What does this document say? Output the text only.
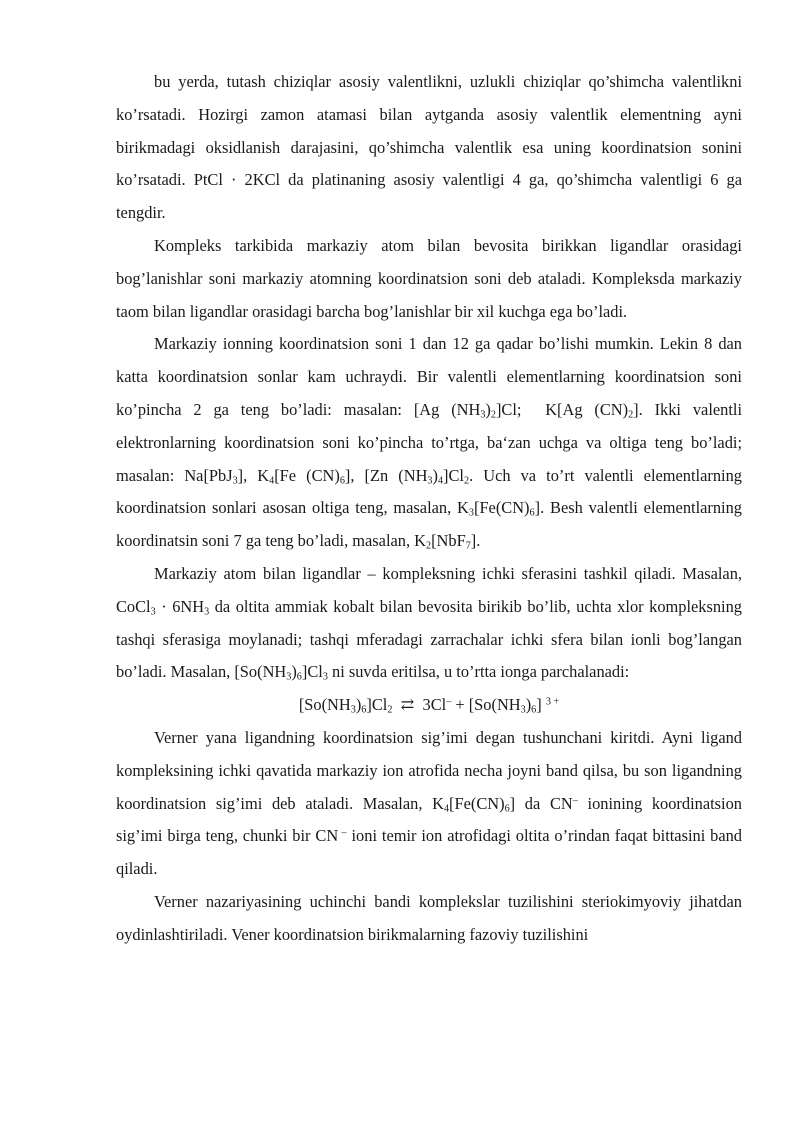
bu yerda, tutash chiziqlar asosiy valentlikni, uzlukli chiziqlar qo’shimcha valentlikni ko’rsatadi. Hozirgi zamon atamasi bilan aytganda asosiy valentlik elementning ayni birikmadagi oksidlanish darajasini, qo’shimcha valentlik esa uning koordinatsion sonini ko’rsatadi. PtCl · 2KCl da platinaning asosiy valentligi 4 ga, qo’shimcha valentligi 6 ga tengdir.

Kompleks tarkibida markaziy atom bilan bevosita birikkan ligandlar orasidagi bog’lanishlar soni markaziy atomning koordinatsion soni deb ataladi. Kompleksda markaziy taom bilan ligandlar orasidagi barcha bog’lanishlar bir xil kuchga ega bo’ladi.

Markaziy ionning koordinatsion soni 1 dan 12 ga qadar bo’lishi mumkin. Lekin 8 dan katta koordinatsion sonlar kam uchraydi. Bir valentli elementlarning koordinatsion soni ko’pincha 2 ga teng bo’ladi: masalan: [Ag $(NH_3)_2]Cl$;  K[Ag $(CN)_2$]. Ikki valentli elektronlarning koordinatsion soni ko’pincha to’rtga, ba‘zan uchga va oltiga teng bo’ladi; masalan: Na[PbJ$_3$], $K_4[Fe$ $(CN)_6$], [Zn $(NH_3)_4]Cl_2$. Uch va to’rt valentli elementlarning koordinatsion sonlari asosan oltiga teng, masalan, $K_3[Fe(CN)_6]$. Besh valentli elementlarning koordinatsin soni 7 ga teng bo’ladi, masalan, $K_2[NbF_7]$.

Markaziy atom bilan ligandlar – kompleksning ichki sferasini tashkil qiladi. Masalan, CoCl$_3$ · $6NH_3$ da oltita ammiak kobalt bilan bevosita birikib bo’lib, uchta xlor kompleksning tashqi sferasiga moylanadi; tashqi mferadagi zarrachalar ichki sfera bilan ionli bog’langan bo’ladi. Masalan, $[So(NH_3)_6]Cl_3$ ni suvda eritilsa, u to’rtta ionga parchalanadi:

$[So(NH_3)_6]Cl_2$  ⇄  $3Cl^- + [So(NH_3)_6]$ $^{3 +}$

Verner yana ligandning koordinatsion sig’imi degan tushunchani kiritdi. Ayni ligand kompleksining ichki qavatida markaziy ion atrofida necha joyni band qilsa, bu son ligandning koordinatsion sig’imi deb ataladi. Masalan, $K_4[Fe(CN)_6]$ da CN– ionining koordinatsion sig’imi birga teng, chunki bir CN – ioni temir ion atrofidagi oltita o’rindan faqat bittasini band qiladi.

Verner nazariyasining uchinchi bandi komplekslar tuzilishini steriokimyoviy jihatdan oydinlashtiriladi. Vener koordinatsion birikmalarning fazoviy tuzilishini
